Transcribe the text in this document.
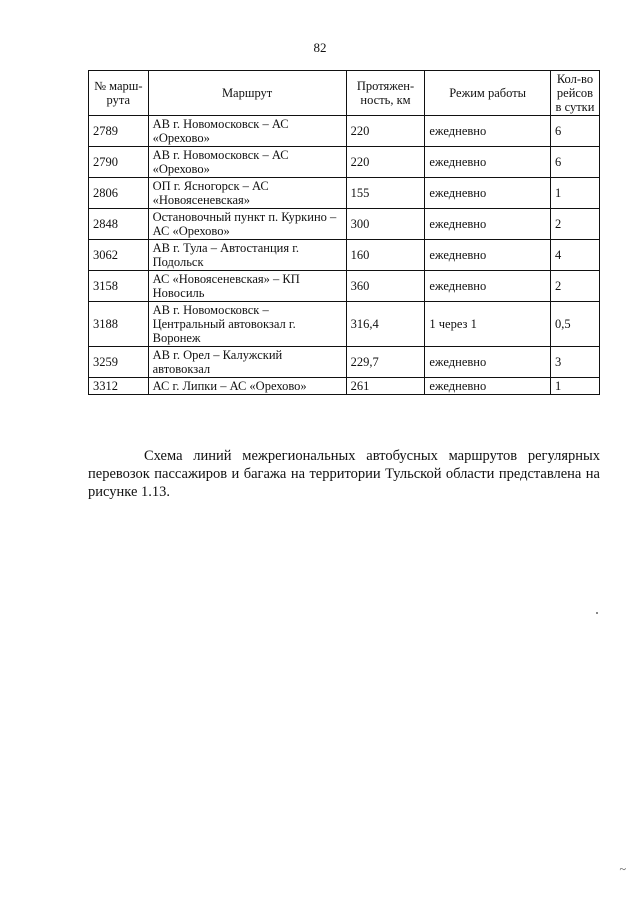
82
№ марш-рута	Маршрут	Протяжен-ность, км	Режим работы	Кол-во рейсов в сутки
2789	АВ г. Новомосковск – АС «Орехово»	220	ежедневно	6
2790	АВ г. Новомосковск – АС «Орехово»	220	ежедневно	6
2806	ОП г. Ясногорск – АС «Новоясеневская»	155	ежедневно	1
2848	Остановочный пункт п. Куркино – АС «Орехово»	300	ежедневно	2
3062	АВ г. Тула – Автостанция г. Подольск	160	ежедневно	4
3158	АС «Новоясеневская» – КП Новосиль	360	ежедневно	2
3188	АВ г. Новомосковск – Центральный автовокзал г. Воронеж	316,4	1 через 1	0,5
3259	АВ г. Орел – Калужский автовокзал	229,7	ежедневно	3
3312	АС г. Липки – АС «Орехово»	261	ежедневно	1

Схема линий межрегиональных автобусных маршрутов регулярных перевозок пассажиров и багажа на территории Тульской области представлена на рисунке 1.13.

~
